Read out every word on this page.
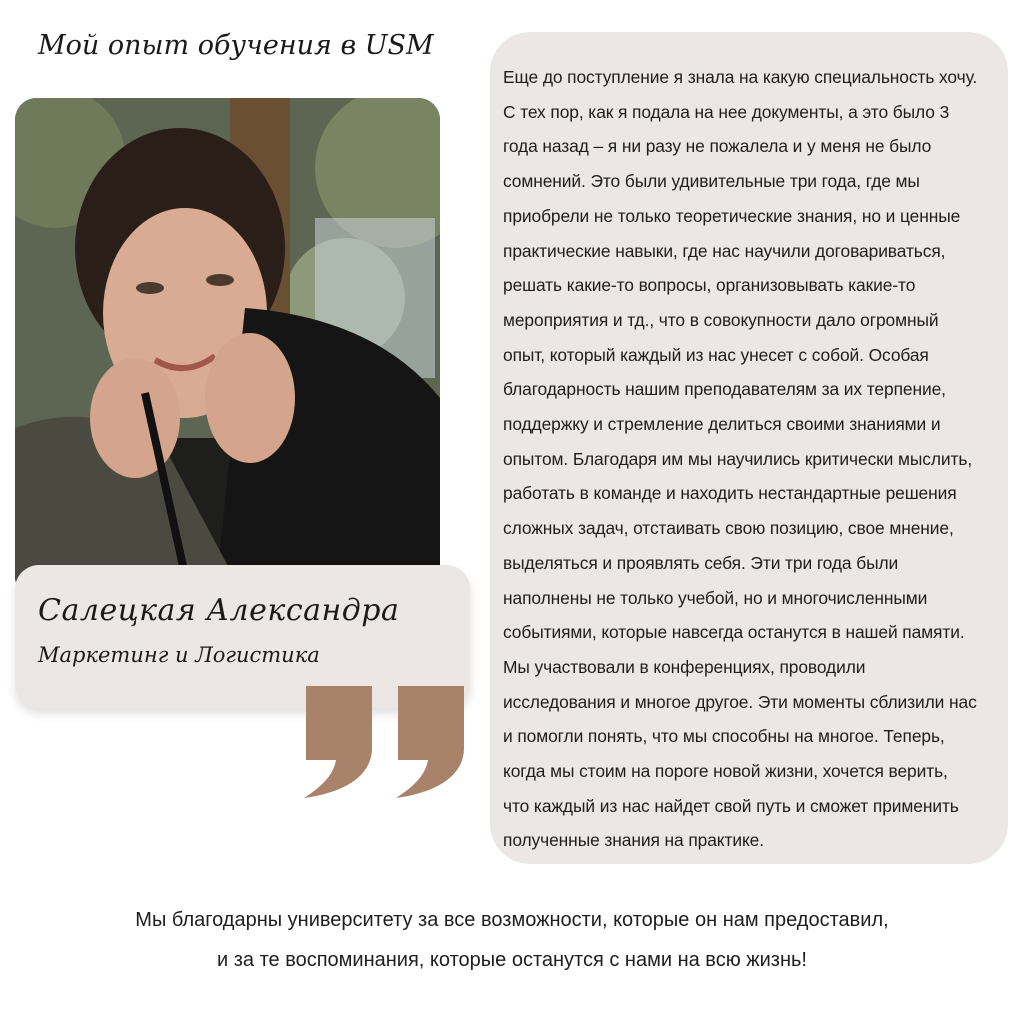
Мой опыт обучения в USM
Салецкая Александра
Маркетинг и Логистика
Еще до поступление я знала на какую специальность хочу.
С тех пор, как я подала на нее документы, а это было 3
года назад – я ни разу не пожалела и у меня не было
сомнений. Это были удивительные три года, где мы
приобрели не только теоретические знания, но и ценные
практические навыки, где нас научили договариваться,
решать какие-то вопросы, организовывать какие-то
мероприятия и тд., что в совокупности дало огромный
опыт, который каждый из нас унесет с собой. Особая
благодарность нашим преподавателям за их терпение,
поддержку и стремление делиться своими знаниями и
опытом. Благодаря им мы научились критически мыслить,
работать в команде и находить нестандартные решения
сложных задач, отстаивать свою позицию, свое мнение,
выделяться и проявлять себя. Эти три года были
наполнены не только учебой, но и многочисленными
событиями, которые навсегда останутся в нашей памяти.
Мы участвовали в конференциях, проводили
исследования и многое другое. Эти моменты сблизили нас
и помогли понять, что мы способны на многое. Теперь,
когда мы стоим на пороге новой жизни, хочется верить,
что каждый из нас найдет свой путь и сможет применить
полученные знания на практике.
Мы благодарны университету за все возможности, которые он нам предоставил,
и за те воспоминания, которые останутся с нами на всю жизнь!
